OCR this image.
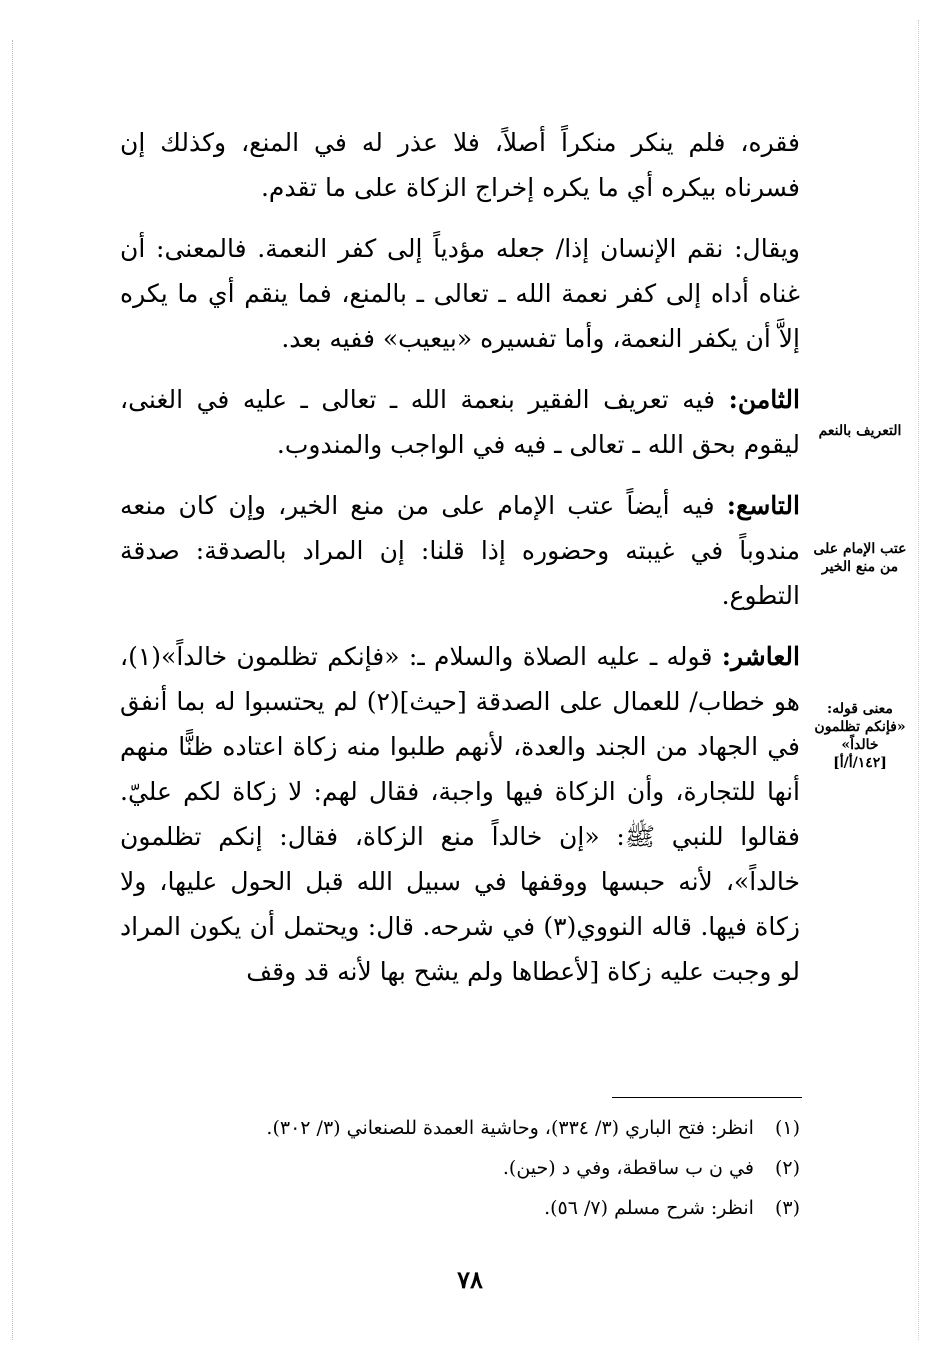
فقره، فلم ينكر منكراً أصلاً، فلا عذر له في المنع، وكذلك إن فسرناه بيكره أي ما يكره إخراج الزكاة على ما تقدم.

ويقال: نقم الإنسان إذا/ جعله مؤدياً إلى كفر النعمة. فالمعنى: أن غناه أداه إلى كفر نعمة الله ـ تعالى ـ بالمنع، فما ينقم أي ما يكره إلاَّ أن يكفر النعمة، وأما تفسيره «بيعيب» ففيه بعد.

الثامن: فيه تعريف الفقير بنعمة الله ـ تعالى ـ عليه في الغنى، ليقوم بحق الله ـ تعالى ـ فيه في الواجب والمندوب.

التاسع: فيه أيضاً عتب الإمام على من منع الخير، وإن كان منعه مندوباً في غيبته وحضوره إذا قلنا: إن المراد بالصدقة: صدقة التطوع.

العاشر: قوله ـ عليه الصلاة والسلام ـ: «فإنكم تظلمون خالداً»(١)، هو خطاب/ للعمال على الصدقة [حيث](٢) لم يحتسبوا له بما أنفق في الجهاد من الجند والعدة، لأنهم طلبوا منه زكاة اعتاده ظنًّا منهم أنها للتجارة، وأن الزكاة فيها واجبة، فقال لهم: لا زكاة لكم عليّ. فقالوا للنبي ﷺ: «إن خالداً منع الزكاة، فقال: إنكم تظلمون خالداً»، لأنه حبسها ووقفها في سبيل الله قبل الحول عليها، ولا زكاة فيها. قاله النووي(٣) في شرحه. قال: ويحتمل أن يكون المراد لو وجبت عليه زكاة [لأعطاها ولم يشح بها لأنه قد وقف

التعريف بالنعم
عتب الإمام على من منع الخير
معنى قوله: «فإنكم تظلمون خالداً»
[١٤٢/أ/أ]
(١) انظر: فتح الباري (٣/ ٣٣٤)، وحاشية العمدة للصنعاني (٣/ ٣٠٢).
(٢) في ن ب ساقطة، وفي د (حين).
(٣) انظر: شرح مسلم (٧/ ٥٦).
٧٨
